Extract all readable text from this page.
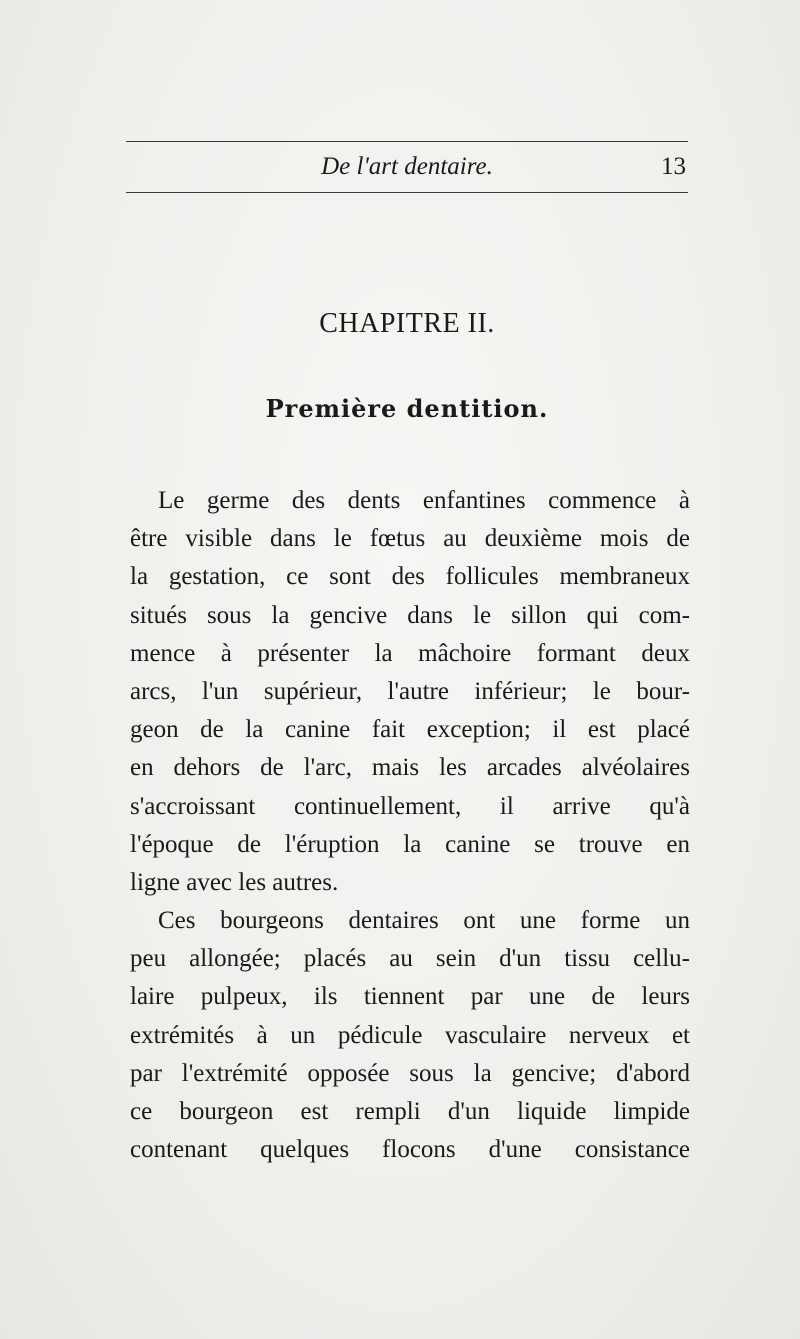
De l'art dentaire.	13
CHAPITRE II.
Première dentition.
Le germe des dents enfantines commence à
être visible dans le fœtus au deuxième mois de
la gestation, ce sont des follicules membraneux
situés sous la gencive dans le sillon qui com-
mence à présenter la mâchoire formant deux
arcs, l'un supérieur, l'autre inférieur; le bour-
geon de la canine fait exception; il est placé
en dehors de l'arc, mais les arcades alvéolaires
s'accroissant continuellement, il arrive qu'à
l'époque de l'éruption la canine se trouve en
ligne avec les autres.
Ces bourgeons dentaires ont une forme un
peu allongée; placés au sein d'un tissu cellu-
laire pulpeux, ils tiennent par une de leurs
extrémités à un pédicule vasculaire nerveux et
par l'extrémité opposée sous la gencive; d'abord
ce bourgeon est rempli d'un liquide limpide
contenant quelques flocons d'une consistance
